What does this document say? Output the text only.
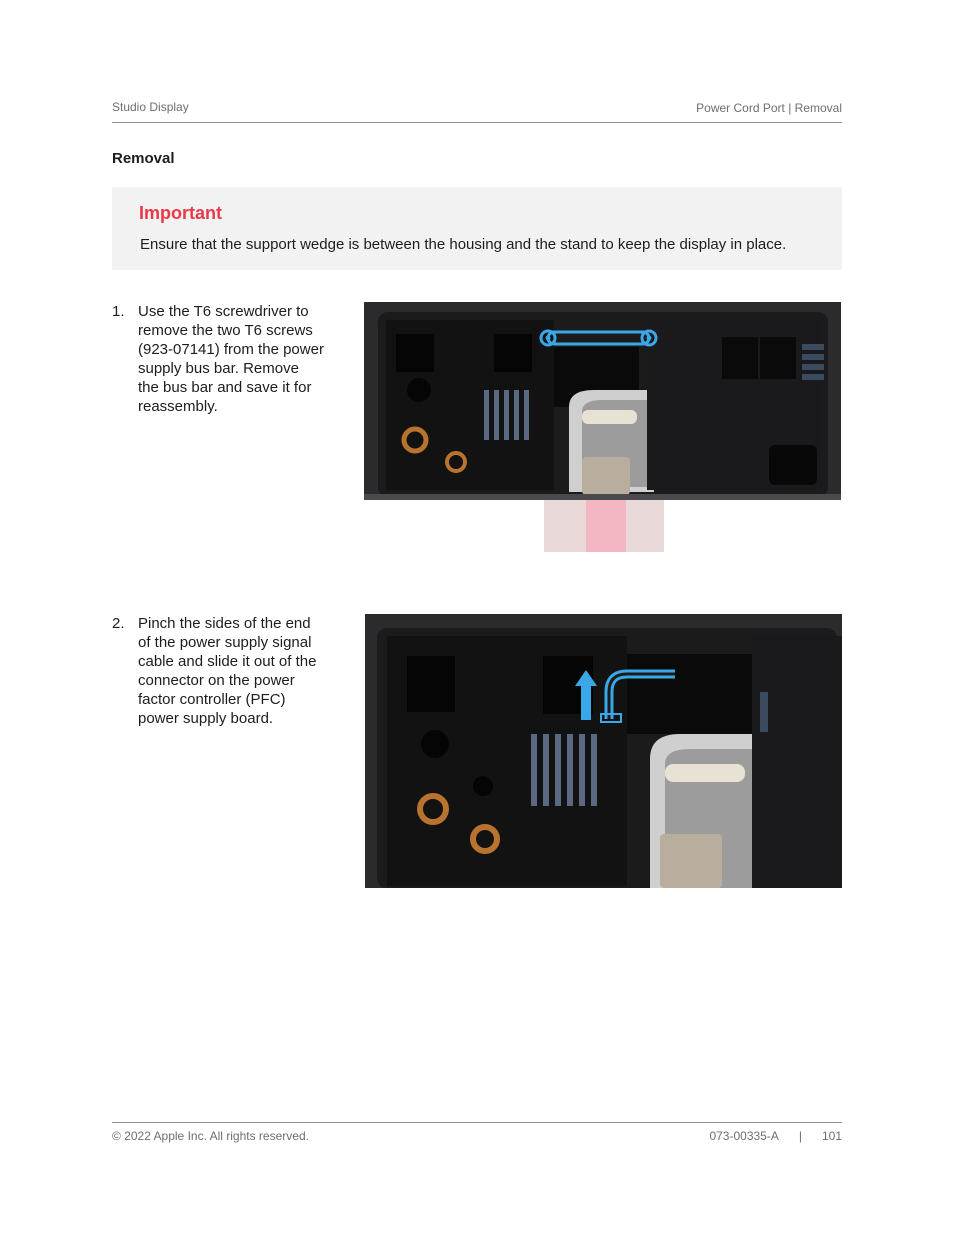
Studio Display	Power Cord Port | Removal
Removal
Important
Ensure that the support wedge is between the housing and the stand to keep the display in place.
1. Use the T6 screwdriver to
remove the two T6 screws
(923-07141) from the power
supply bus bar. Remove
the bus bar and save it for
reassembly.
2. Pinch the sides of the end
of the power supply signal
cable and slide it out of the
connector on the power
factor controller (PFC)
power supply board.
© 2022 Apple Inc. All rights reserved.	073-00335-A	|	101
